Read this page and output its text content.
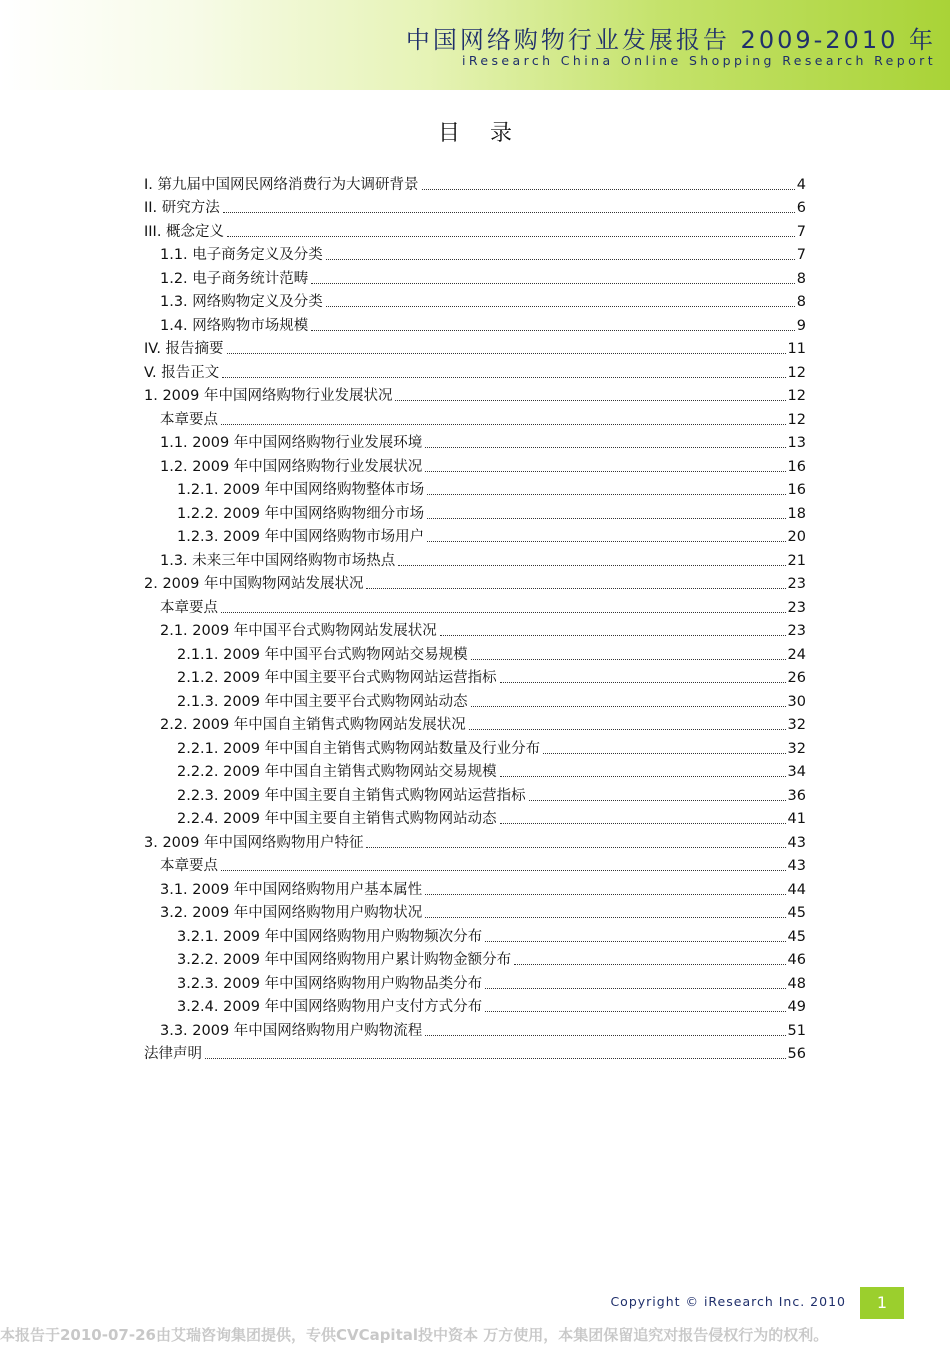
中国网络购物行业发展报告 2009-2010 年
iResearch China Online Shopping Research Report
目录
I. 第九届中国网民网络消费行为大调研背景	4
II. 研究方法	6
III. 概念定义	7
1.1. 电子商务定义及分类	7
1.2. 电子商务统计范畴	8
1.3. 网络购物定义及分类	8
1.4. 网络购物市场规模	9
IV. 报告摘要	11
V. 报告正文	12
1. 2009 年中国网络购物行业发展状况	12
本章要点	12
1.1. 2009 年中国网络购物行业发展环境	13
1.2. 2009 年中国网络购物行业发展状况	16
1.2.1. 2009 年中国网络购物整体市场	16
1.2.2. 2009 年中国网络购物细分市场	18
1.2.3. 2009 年中国网络购物市场用户	20
1.3. 未来三年中国网络购物市场热点	21
2. 2009 年中国购物网站发展状况	23
本章要点	23
2.1. 2009 年中国平台式购物网站发展状况	23
2.1.1. 2009 年中国平台式购物网站交易规模	24
2.1.2. 2009 年中国主要平台式购物网站运营指标	26
2.1.3. 2009 年中国主要平台式购物网站动态	30
2.2. 2009 年中国自主销售式购物网站发展状况	32
2.2.1. 2009 年中国自主销售式购物网站数量及行业分布	32
2.2.2. 2009 年中国自主销售式购物网站交易规模	34
2.2.3. 2009 年中国主要自主销售式购物网站运营指标	36
2.2.4. 2009 年中国主要自主销售式购物网站动态	41
3. 2009 年中国网络购物用户特征	43
本章要点	43
3.1. 2009 年中国网络购物用户基本属性	44
3.2. 2009 年中国网络购物用户购物状况	45
3.2.1. 2009 年中国网络购物用户购物频次分布	45
3.2.2. 2009 年中国网络购物用户累计购物金额分布	46
3.2.3. 2009 年中国网络购物用户购物品类分布	48
3.2.4. 2009 年中国网络购物用户支付方式分布	49
3.3. 2009 年中国网络购物用户购物流程	51
法律声明	56
Copyright © iResearch Inc. 2010	1
本报告于2010-07-26由艾瑞咨询集团提供，专供CVCapital投中资本 万方使用，本集团保留追究对报告侵权行为的权利。
